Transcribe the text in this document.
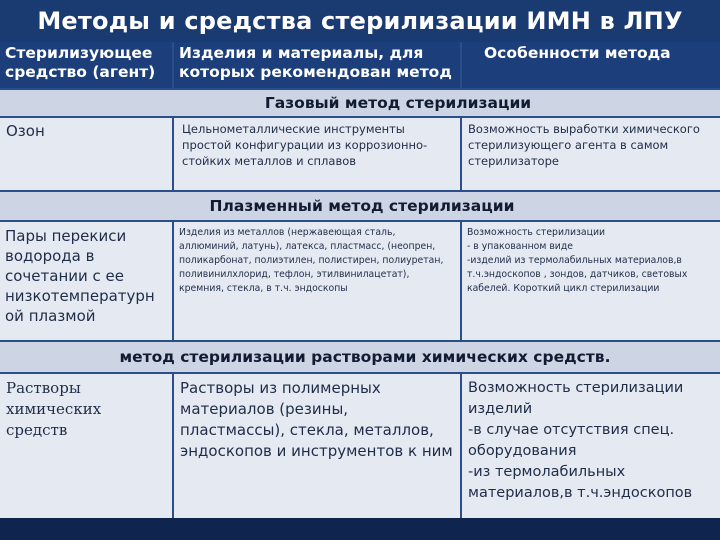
Методы и средства стерилизации ИМН в ЛПУ
Стерилизующее средство (агент)
Изделия и материалы, для которых рекомендован метод
Особенности метода
Газовый метод стерилизации
Озон	Цельнометаллические инструменты простой конфигурации из коррозионно-стойких металлов и сплавов
Возможность выработки химического стерилизующего агента в самом стерилизаторе
Плазменный метод стерилизации
Пары перекиси водорода в сочетании с ее низкотемпературн ой плазмой
Изделия из металлов (нержавеющая сталь, аллюминий, латунь), латекса, пластмасс, (неопрен, поликарбонат, полиэтилен, полистирен, полиуретан, поливинилхлорид, тефлон, этилвинилацетат), кремния, стекла, в т.ч. эндоскопы
Возможность стерилизации
- в упакованном виде
-изделий из термолабильных материалов,в т.ч.эндоскопов , зондов, датчиков, световых кабелей. Короткий цикл стерилизации
метод стерилизации растворами химических средств.
Растворы химических средств
Растворы из полимерных материалов (резины, пластмассы), стекла, металлов, эндоскопов и инструментов к ним
Возможность стерилизации изделий
-в случае отсутствия спец. оборудования
-из термолабильных материалов,в т.ч.эндоскопов
